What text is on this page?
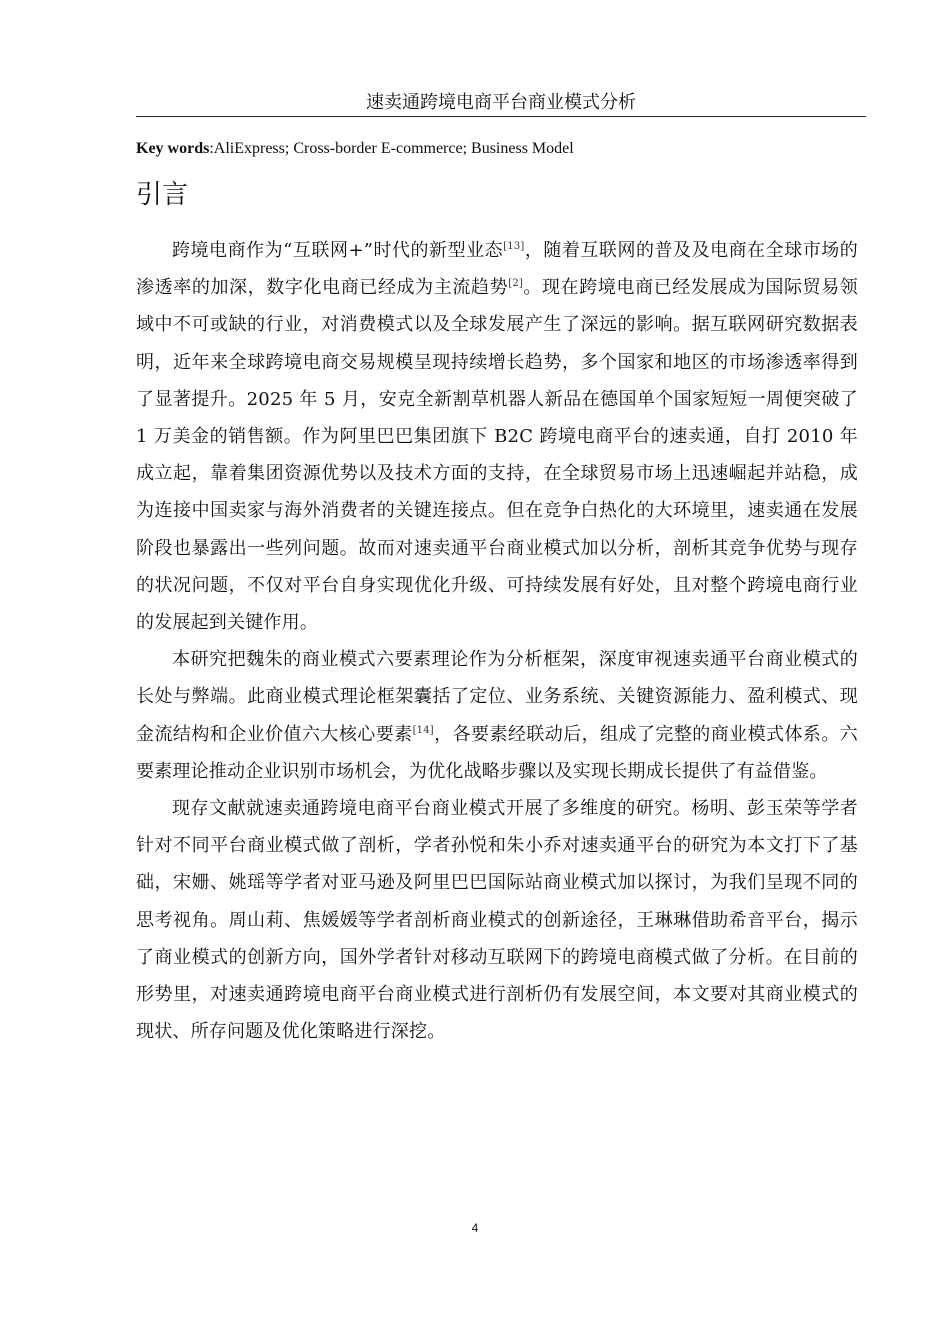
速卖通跨境电商平台商业模式分析
Key words:AliExpress; Cross-border E-commerce; Business Model
引言

跨境电商作为“互联网+”时代的新型业态[13]，随着互联网的普及及电商在全球市场的渗透率的加深，数字化电商已经成为主流趋势[2]。现在跨境电商已经发展成为国际贸易领域中不可或缺的行业，对消费模式以及全球发展产生了深远的影响。据互联网研究数据表明，近年来全球跨境电商交易规模呈现持续增长趋势，多个国家和地区的市场渗透率得到了显著提升。2025 年 5 月，安克全新割草机器人新品在德国单个国家短短一周便突破了 1 万美金的销售额。作为阿里巴巴集团旗下 B2C 跨境电商平台的速卖通，自打 2010 年成立起，靠着集团资源优势以及技术方面的支持，在全球贸易市场上迅速崛起并站稳，成为连接中国卖家与海外消费者的关键连接点。但在竞争白热化的大环境里，速卖通在发展阶段也暴露出一些列问题。故而对速卖通平台商业模式加以分析，剖析其竞争优势与现存的状况问题，不仅对平台自身实现优化升级、可持续发展有好处，且对整个跨境电商行业的发展起到关键作用。

本研究把魏朱的商业模式六要素理论作为分析框架，深度审视速卖通平台商业模式的长处与弊端。此商业模式理论框架囊括了定位、业务系统、关键资源能力、盈利模式、现金流结构和企业价值六大核心要素[14]，各要素经联动后，组成了完整的商业模式体系。六要素理论推动企业识别市场机会，为优化战略步骤以及实现长期成长提供了有益借鉴。

现存文献就速卖通跨境电商平台商业模式开展了多维度的研究。杨明、彭玉荣等学者针对不同平台商业模式做了剖析，学者孙悦和朱小乔对速卖通平台的研究为本文打下了基础，宋姗、姚瑶等学者对亚马逊及阿里巴巴国际站商业模式加以探讨，为我们呈现不同的思考视角。周山莉、焦媛媛等学者剖析商业模式的创新途径，王琳琳借助希音平台，揭示了商业模式的创新方向，国外学者针对移动互联网下的跨境电商模式做了分析。在目前的形势里，对速卖通跨境电商平台商业模式进行剖析仍有发展空间，本文要对其商业模式的现状、所存问题及优化策略进行深挖。

4
